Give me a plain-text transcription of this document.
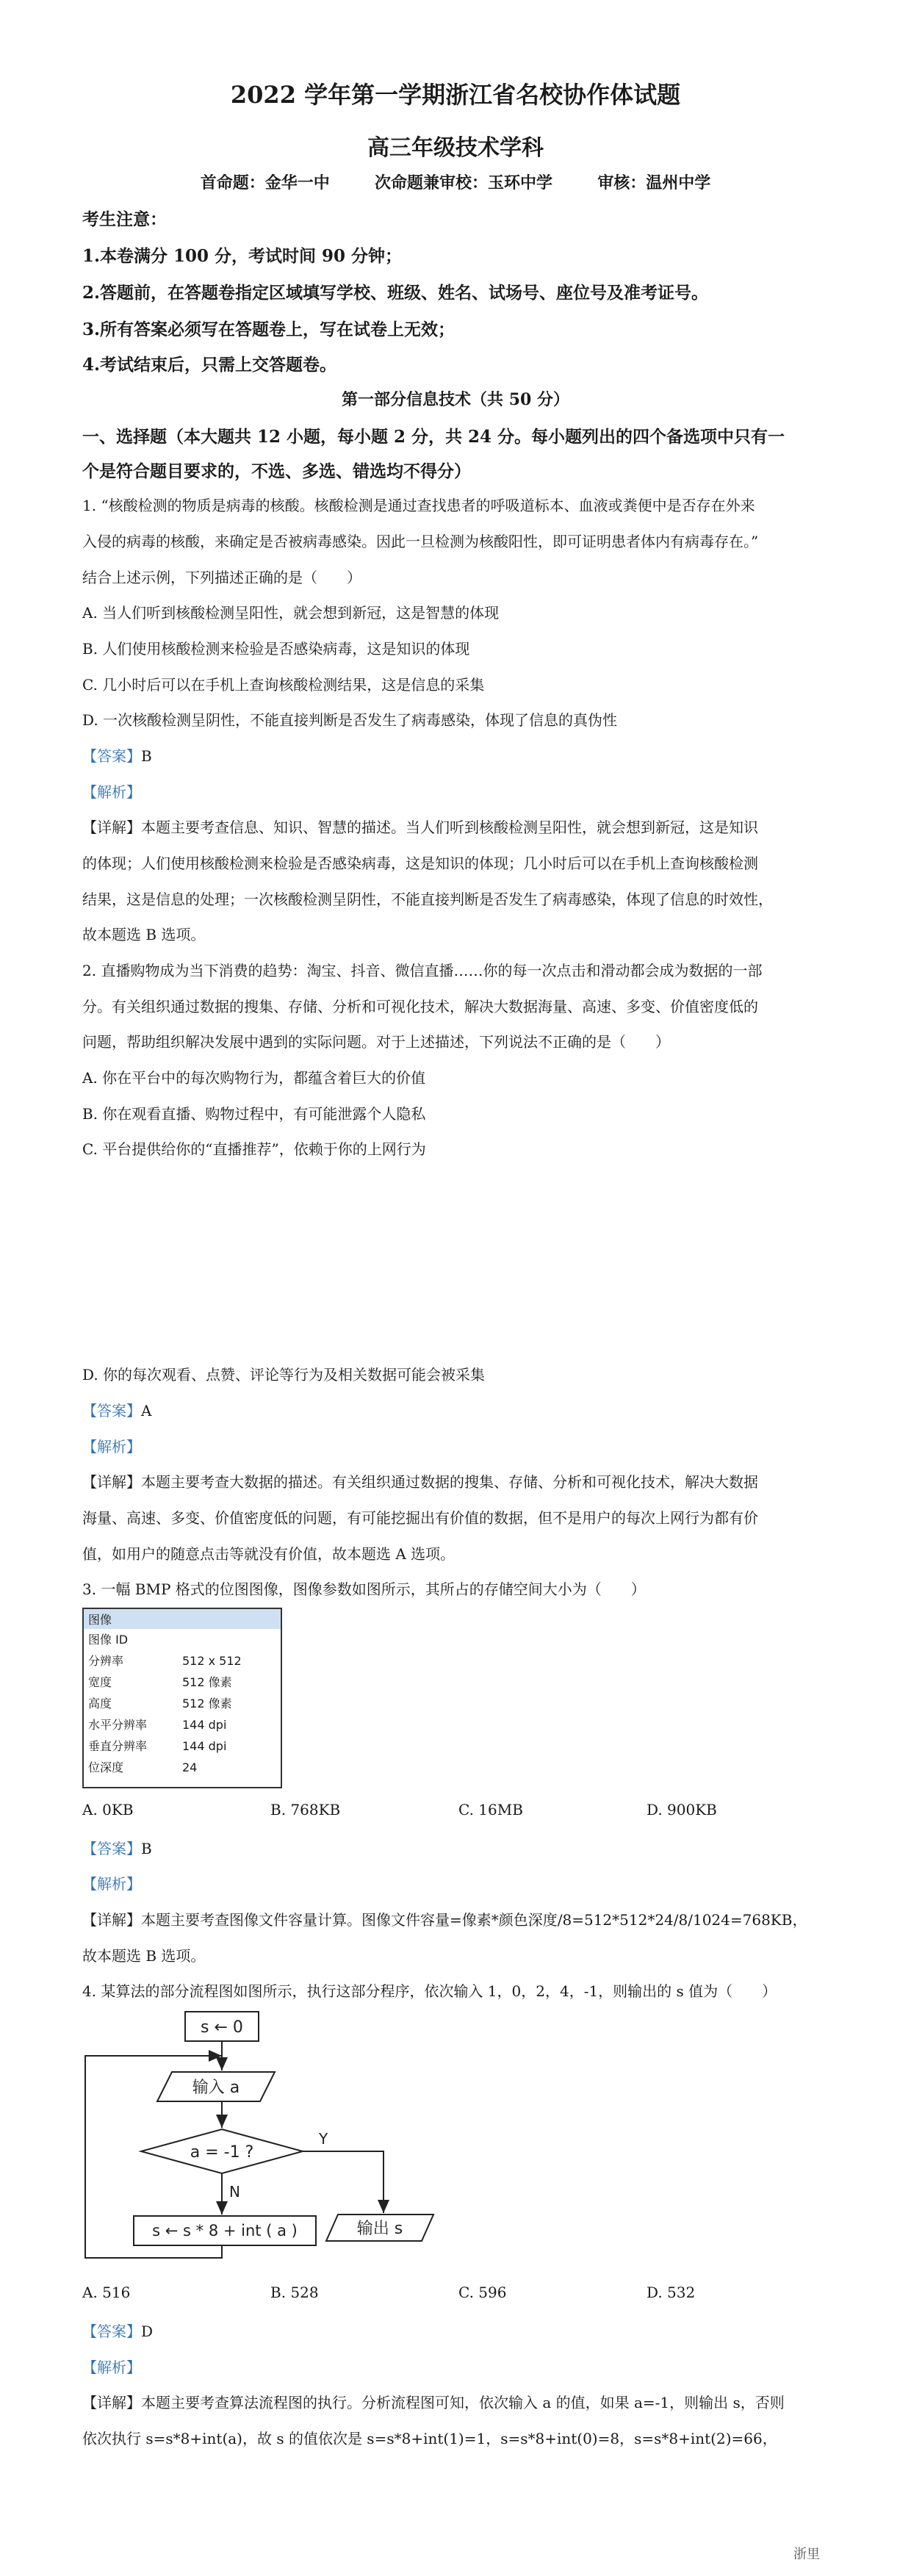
2022 学年第一学期浙江省名校协作体试题
高三年级技术学科
首命题：金华一中	次命题兼审校：玉环中学	审核：温州中学
考生注意：
1.本卷满分 100 分，考试时间 90 分钟；
2.答题前，在答题卷指定区域填写学校、班级、姓名、试场号、座位号及准考证号。
3.所有答案必须写在答题卷上，写在试卷上无效；
4.考试结束后，只需上交答题卷。
第一部分信息技术（共 50 分）
一、选择题（本大题共 12 小题，每小题 2 分，共 24 分。每小题列出的四个备选项中只有一
个是符合题目要求的，不选、多选、错选均不得分）
1. “核酸检测的物质是病毒的核酸。核酸检测是通过查找患者的呼吸道标本、血液或粪便中是否存在外来
入侵的病毒的核酸，来确定是否被病毒感染。因此一旦检测为核酸阳性，即可证明患者体内有病毒存在。”
结合上述示例，下列描述正确的是（　　）
A. 当人们听到核酸检测呈阳性，就会想到新冠，这是智慧的体现
B. 人们使用核酸检测来检验是否感染病毒，这是知识的体现
C. 几小时后可以在手机上查询核酸检测结果，这是信息的采集
D. 一次核酸检测呈阴性，不能直接判断是否发生了病毒感染，体现了信息的真伪性
【答案】B
【解析】
【详解】本题主要考查信息、知识、智慧的描述。当人们听到核酸检测呈阳性，就会想到新冠，这是知识
的体现；人们使用核酸检测来检验是否感染病毒，这是知识的体现；几小时后可以在手机上查询核酸检测
结果，这是信息的处理；一次核酸检测呈阴性，不能直接判断是否发生了病毒感染，体现了信息的时效性，
故本题选 B 选项。
2. 直播购物成为当下消费的趋势：淘宝、抖音、微信直播……你的每一次点击和滑动都会成为数据的一部
分。有关组织通过数据的搜集、存储、分析和可视化技术，解决大数据海量、高速、多变、价值密度低的
问题，帮助组织解决发展中遇到的实际问题。对于上述描述，下列说法不正确的是（　　）
A. 你在平台中的每次购物行为，都蕴含着巨大的价值
B. 你在观看直播、购物过程中，有可能泄露个人隐私
C. 平台提供给你的“直播推荐”，依赖于你的上网行为
D. 你的每次观看、点赞、评论等行为及相关数据可能会被采集
【答案】A
【解析】
【详解】本题主要考查大数据的描述。有关组织通过数据的搜集、存储、分析和可视化技术，解决大数据
海量、高速、多变、价值密度低的问题，有可能挖掘出有价值的数据，但不是用户的每次上网行为都有价
值，如用户的随意点击等就没有价值，故本题选 A 选项。
3. 一幅 BMP 格式的位图图像，图像参数如图所示，其所占的存储空间大小为（　　）
图像
图像 ID
分辨率	512 x 512
宽度	512 像素
高度	512 像素
水平分辨率	144 dpi
垂直分辨率	144 dpi
位深度	24
A. 0KB	B. 768KB	C. 16MB	D. 900KB
【答案】B
【解析】
【详解】本题主要考查图像文件容量计算。图像文件容量=像素*颜色深度/8=512*512*24/8/1024=768KB，
故本题选 B 选项。
4. 某算法的部分流程图如图所示，执行这部分程序，依次输入 1，0，2，4，-1，则输出的 s 值为（　　）
s ← 0
输入 a
a = -1 ?
Y
输出 s
N
s ← s * 8 + int ( a )
A. 516	B. 528	C. 596	D. 532
【答案】D
【解析】
【详解】本题主要考查算法流程图的执行。分析流程图可知，依次输入 a 的值，如果 a=-1，则输出 s，否则
依次执行 s=s*8+int(a)，故 s 的值依次是 s=s*8+int(1)=1，s=s*8+int(0)=8，s=s*8+int(2)=66，
浙里
